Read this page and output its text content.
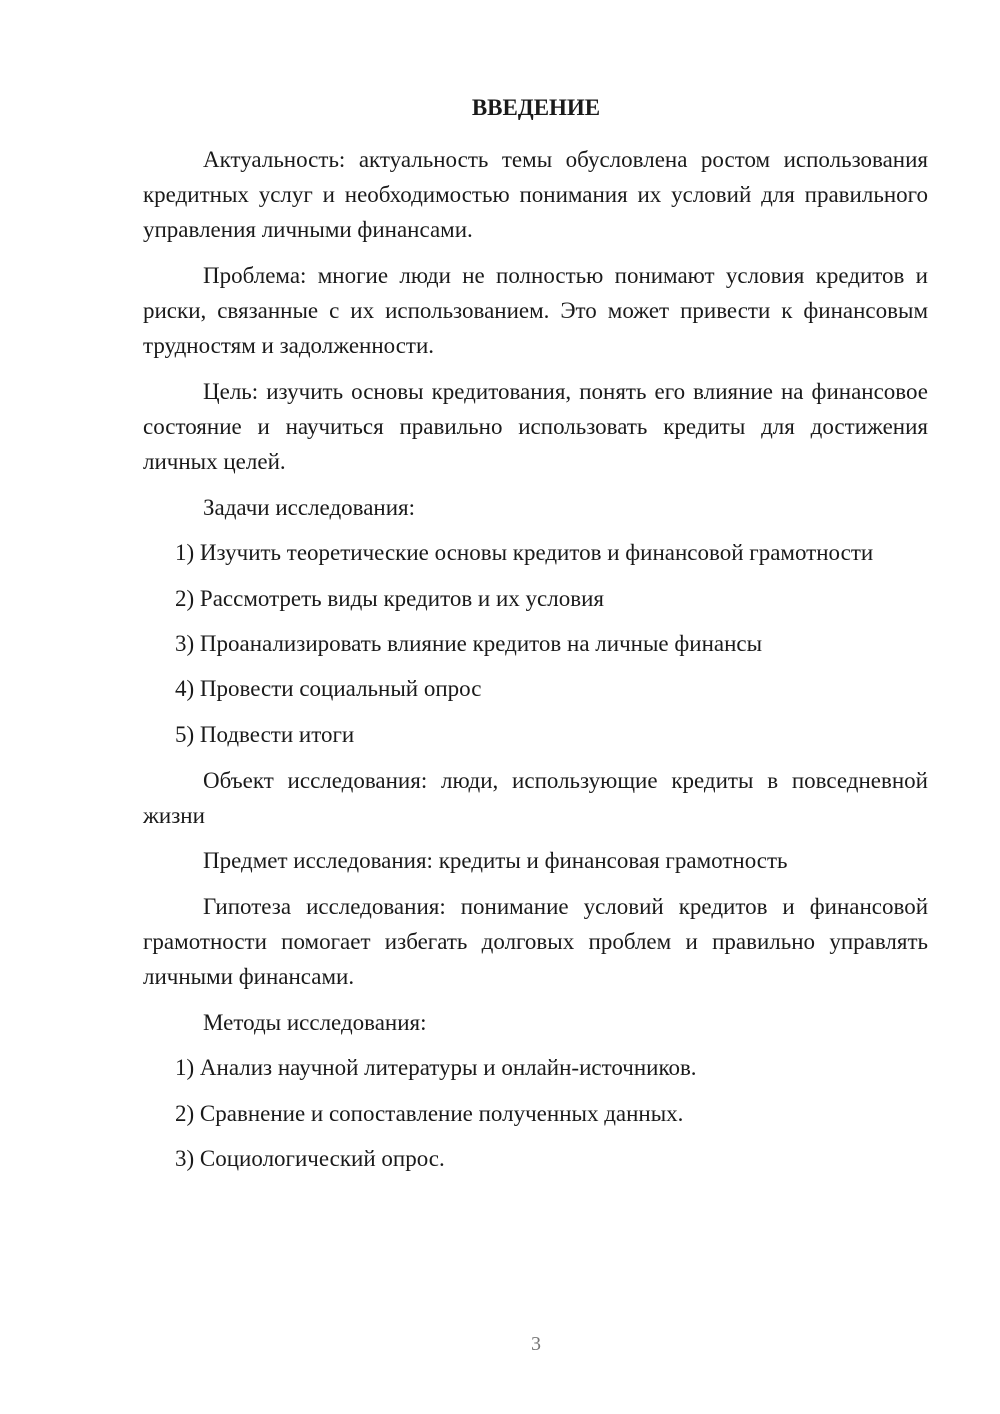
ВВЕДЕНИЕ

Актуальность: актуальность темы обусловлена ростом использования кредитных услуг и необходимостью понимания их условий для правильного управления личными финансами.

Проблема: многие люди не полностью понимают условия кредитов и риски, связанные с их использованием. Это может привести к финансовым трудностям и задолженности.

Цель: изучить основы кредитования, понять его влияние на финансовое состояние и научиться правильно использовать кредиты для достижения личных целей.

Задачи исследования:

1) Изучить теоретические основы кредитов и финансовой грамотности

2) Рассмотреть виды кредитов и их условия

3) Проанализировать влияние кредитов на личные финансы

4) Провести социальный опрос

5) Подвести итоги

Объект исследования: люди, использующие кредиты в повседневной жизни

Предмет исследования: кредиты и финансовая грамотность

Гипотеза исследования: понимание условий кредитов и финансовой грамотности помогает избегать долговых проблем и правильно управлять личными финансами.

Методы исследования:

1) Анализ научной литературы и онлайн-источников.

2) Сравнение и сопоставление полученных данных.

3) Социологический опрос.

3
